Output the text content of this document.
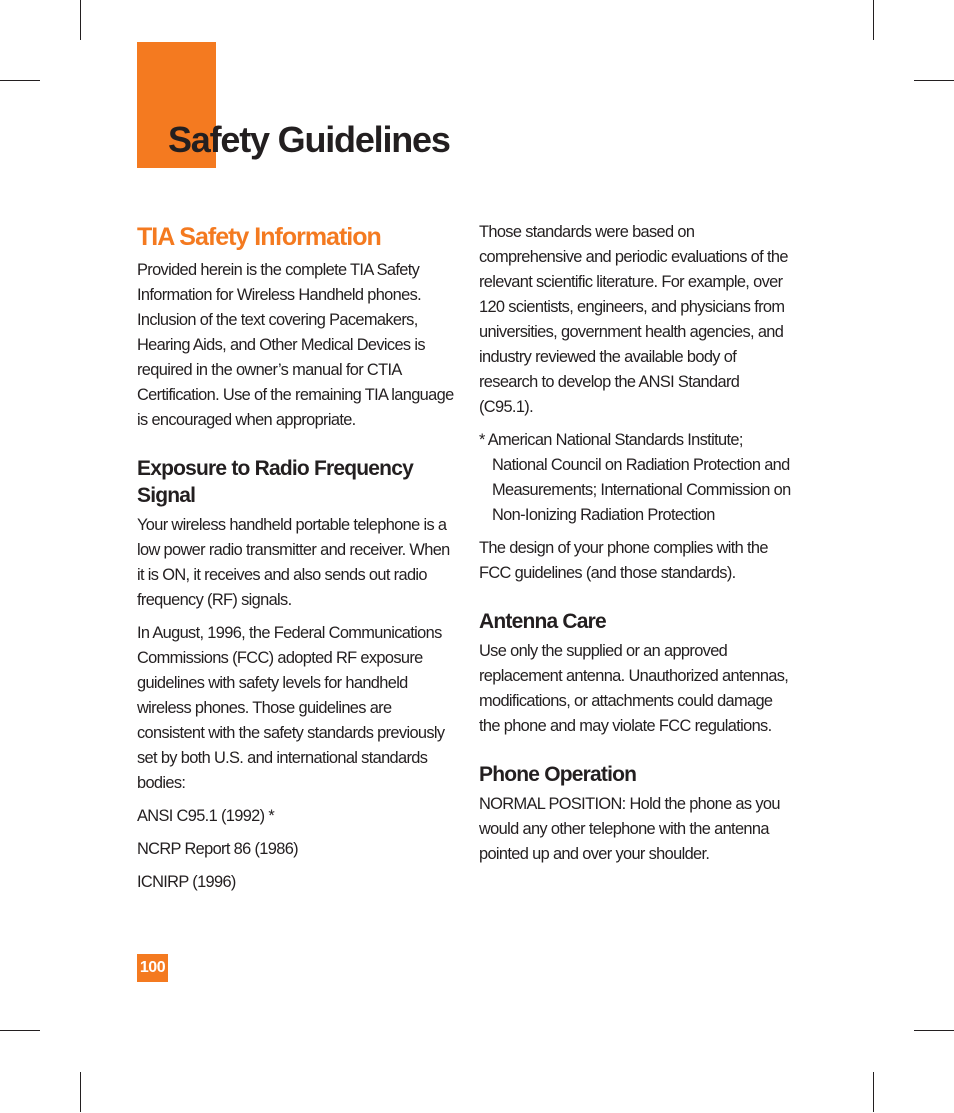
Safety Guidelines
TIA Safety Information

Provided herein is the complete TIA Safety Information for Wireless Handheld phones. Inclusion of the text covering Pacemakers, Hearing Aids, and Other Medical Devices is required in the owner’s manual for CTIA Certification. Use of the remaining TIA language is encouraged when appropriate.

Exposure to Radio Frequency Signal

Your wireless handheld portable telephone is a low power radio transmitter and receiver. When it is ON, it receives and also sends out radio frequency (RF) signals.

In August, 1996, the Federal Communications Commissions (FCC) adopted RF exposure guidelines with safety levels for handheld wireless phones. Those guidelines are consistent with the safety standards previously set by both U.S. and international standards bodies:

ANSI C95.1 (1992) *

NCRP Report 86 (1986)

ICNIRP (1996)

Those standards were based on comprehensive and periodic evaluations of the relevant scientific literature. For example, over 120 scientists, engineers, and physicians from universities, government health agencies, and industry reviewed the available body of research to develop the ANSI Standard (C95.1).

* American National Standards Institute; National Council on Radiation Protection and Measurements; International Commission on Non-Ionizing Radiation Protection

The design of your phone complies with the FCC guidelines (and those standards).

Antenna Care

Use only the supplied or an approved replacement antenna. Unauthorized antennas, modifications, or attachments could damage the phone and may violate FCC regulations.

Phone Operation

NORMAL POSITION: Hold the phone as you would any other telephone with the antenna pointed up and over your shoulder.

100
